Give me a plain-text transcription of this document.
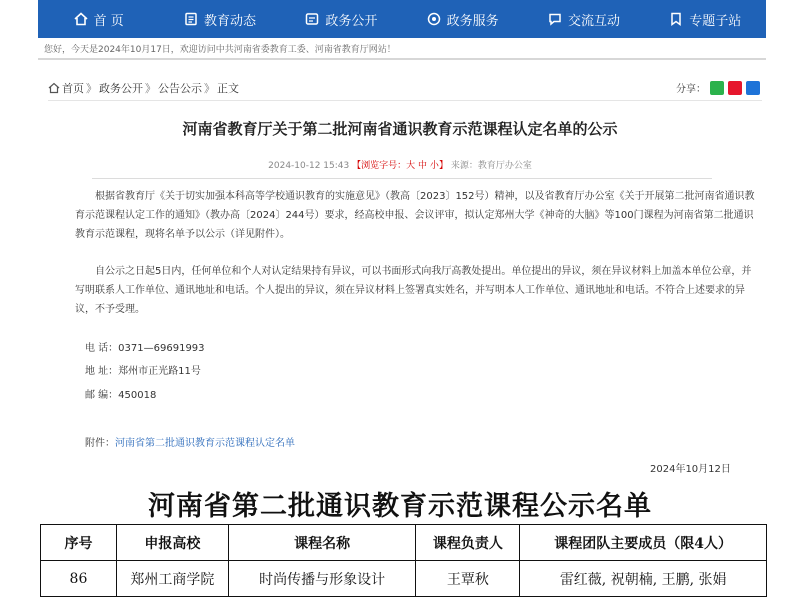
首 页	教育动态	政务公开	政务服务	交流互动	专题子站
您好，今天是2024年10月17日，欢迎访问中共河南省委教育工委、河南省教育厅网站！
首页 》 政务公开 》 公告公示 》 正文	分享：
河南省教育厅关于第二批河南省通识教育示范课程认定名单的公示
2024-10-12 15:43 【浏览字号：大 中 小】 来源：教育厅办公室
根据省教育厅《关于切实加强本科高等学校通识教育的实施意见》（教高〔2023〕152号）精神，以及省教育厅办公室《关于开展第二批河南省通识教育示范课程认定工作的通知》（教办高〔2024〕244号）要求，经高校申报、会议评审，拟认定郑州大学《神奇的大脑》等100门课程为河南省第二批通识教育示范课程，现将名单予以公示（详见附件）。
自公示之日起5日内，任何单位和个人对认定结果持有异议，可以书面形式向我厅高教处提出。单位提出的异议，须在异议材料上加盖本单位公章，并写明联系人工作单位、通讯地址和电话。个人提出的异议，须在异议材料上签署真实姓名，并写明本人工作单位、通讯地址和电话。不符合上述要求的异议，不予受理。
电 话：0371—69691993
地 址：郑州市正光路11号
邮 编：450018
附件：河南省第二批通识教育示范课程认定名单
2024年10月12日
河南省第二批通识教育示范课程公示名单
序号	申报高校	课程名称	课程负责人	课程团队主要成员（限4人）
86	郑州工商学院	时尚传播与形象设计	王覃秋	雷红薇, 祝朝楠, 王鹏, 张娟
